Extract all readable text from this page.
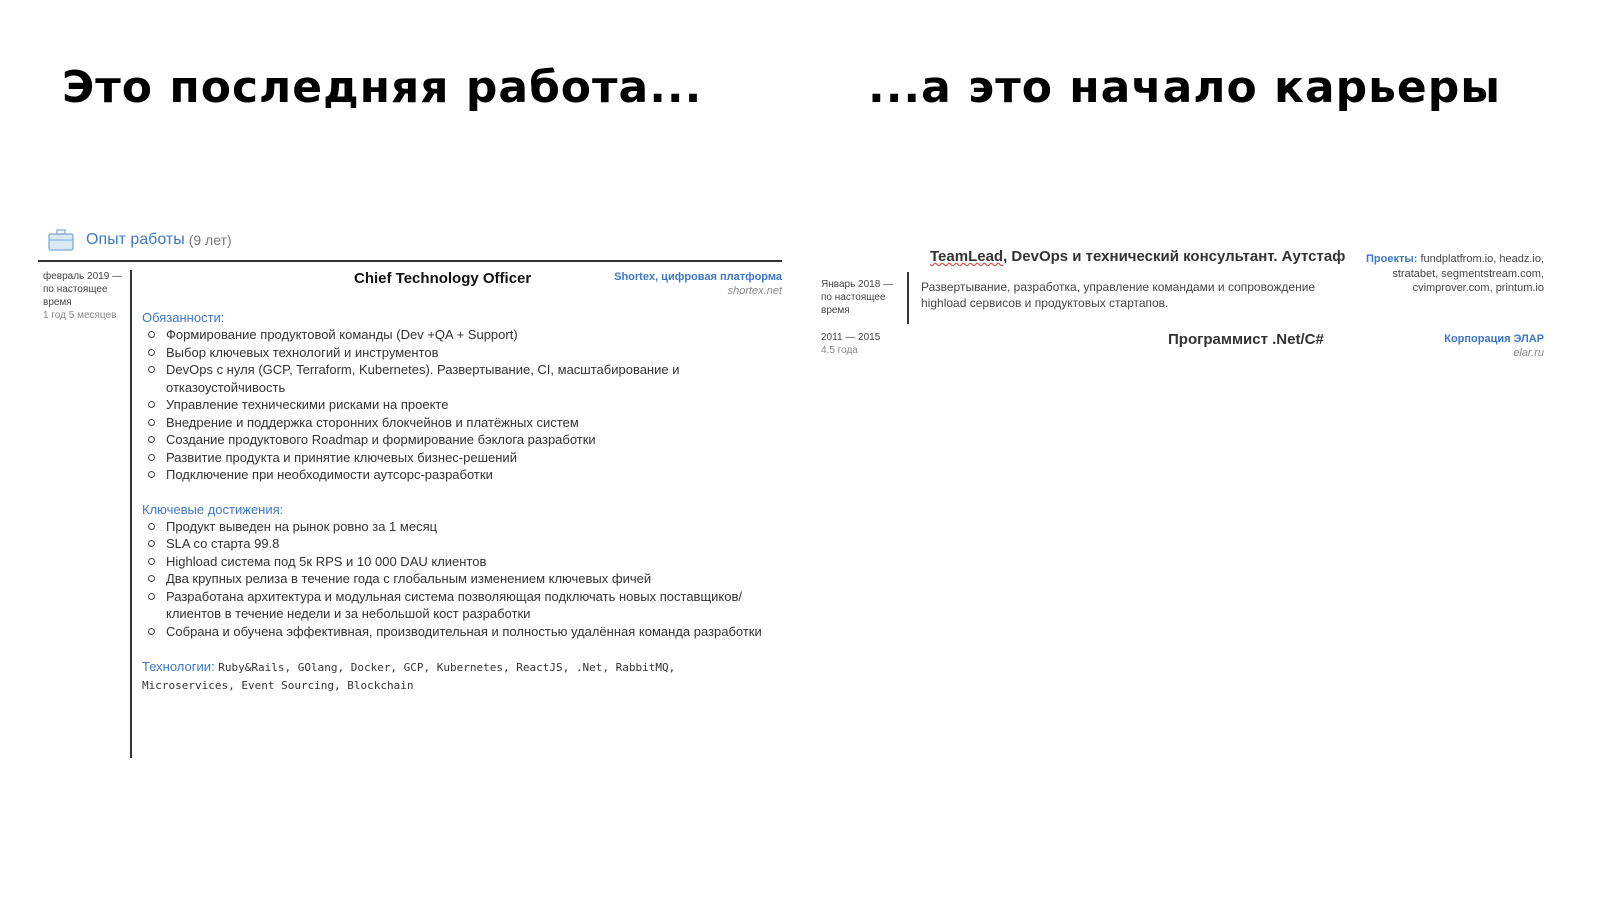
Это последняя работа...	...а это начало карьеры
Опыт работы (9 лет)
февраль 2019 —
по настоящее
время
1 год 5 месяцев
Chief Technology Officer	Shortex, цифровая платформа
shortex.net
Обязанности:
Формирование продуктовой команды (Dev +QA + Support)
Выбор ключевых технологий и инструментов
DevOps с нуля (GCP, Terraform, Kubernetes). Развертывание, CI, масштабирование и отказоустойчивость
Управление техническими рисками на проекте
Внедрение и поддержка сторонних блокчейнов и платёжных систем
Создание продуктового Roadmap и формирование бэклога разработки
Развитие продукта и принятие ключевых бизнес-решений
Подключение при необходимости аутсорс-разработки
Ключевые достижения:
Продукт выведен на рынок ровно за 1 месяц
SLA со старта 99.8
Highload система под 5к RPS и 10 000 DAU клиентов
Два крупных релиза в течение года с глобальным изменением ключевых фичей
Разработана архитектура и модульная система позволяющая подключать новых поставщиков/клиентов в течение недели и за небольшой кост разработки
Собрана и обучена эффективная, производительная и полностью удалённая команда разработки
Технологии: Ruby&Rails, GOlang, Docker, GCP, Kubernetes, ReactJS, .Net, RabbitMQ, Microservices, Event Sourcing, Blockchain
TeamLead, DevOps и технический консультант. Аутстаф	Проекты: fundplatfrom.io, headz.io, stratabet, segmentstream.com, cvimprover.com, printum.io
Январь 2018 —
по настоящее
время
Развертывание, разработка, управление командами и сопровождение highload сервисов и продуктовых стартапов.
2011 — 2015
4.5 года
Программист .Net/C#	Корпорация ЭЛАР
elar.ru
